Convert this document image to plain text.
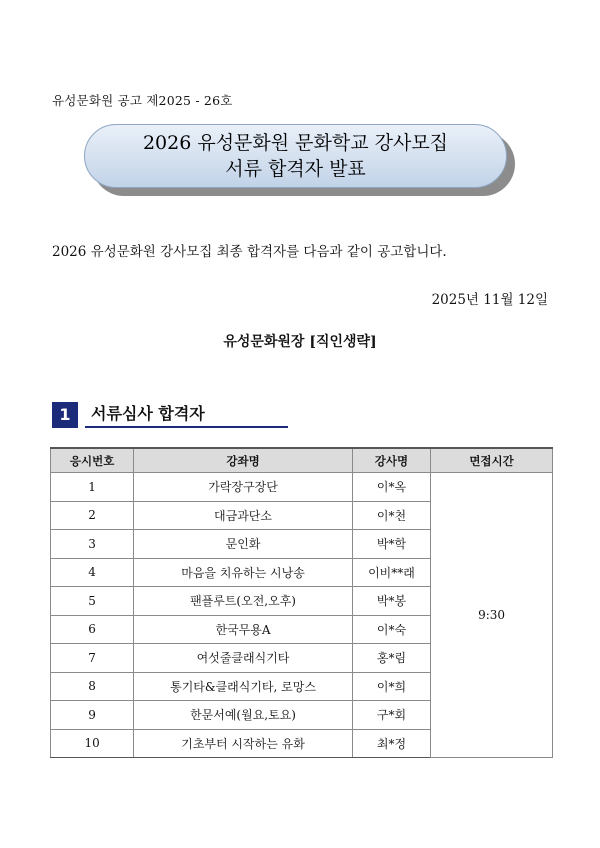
유성문화원 공고 제2025 - 26호
2026 유성문화원 문화학교 강사모집
서류 합격자 발표
2026 유성문화원 강사모집 최종 합격자를 다음과 같이 공고합니다.
2025년 11월 12일
유성문화원장 [직인생략]
1	서류심사 합격자
응시번호	강좌명	강사명	면접시간
1	가락장구장단	이*옥	9:30
2	대금과단소	이*천	
3	문인화	박*학	
4	마음을 치유하는 시낭송	이비**래	
5	팬플루트(오전,오후)	박*봉	
6	한국무용A	이*숙	
7	여섯줄클래식기타	홍*림	
8	통기타&클래식기타, 로망스	이*희	
9	한문서예(월요,토요)	구*회	
10	기초부터 시작하는 유화	최*정	
